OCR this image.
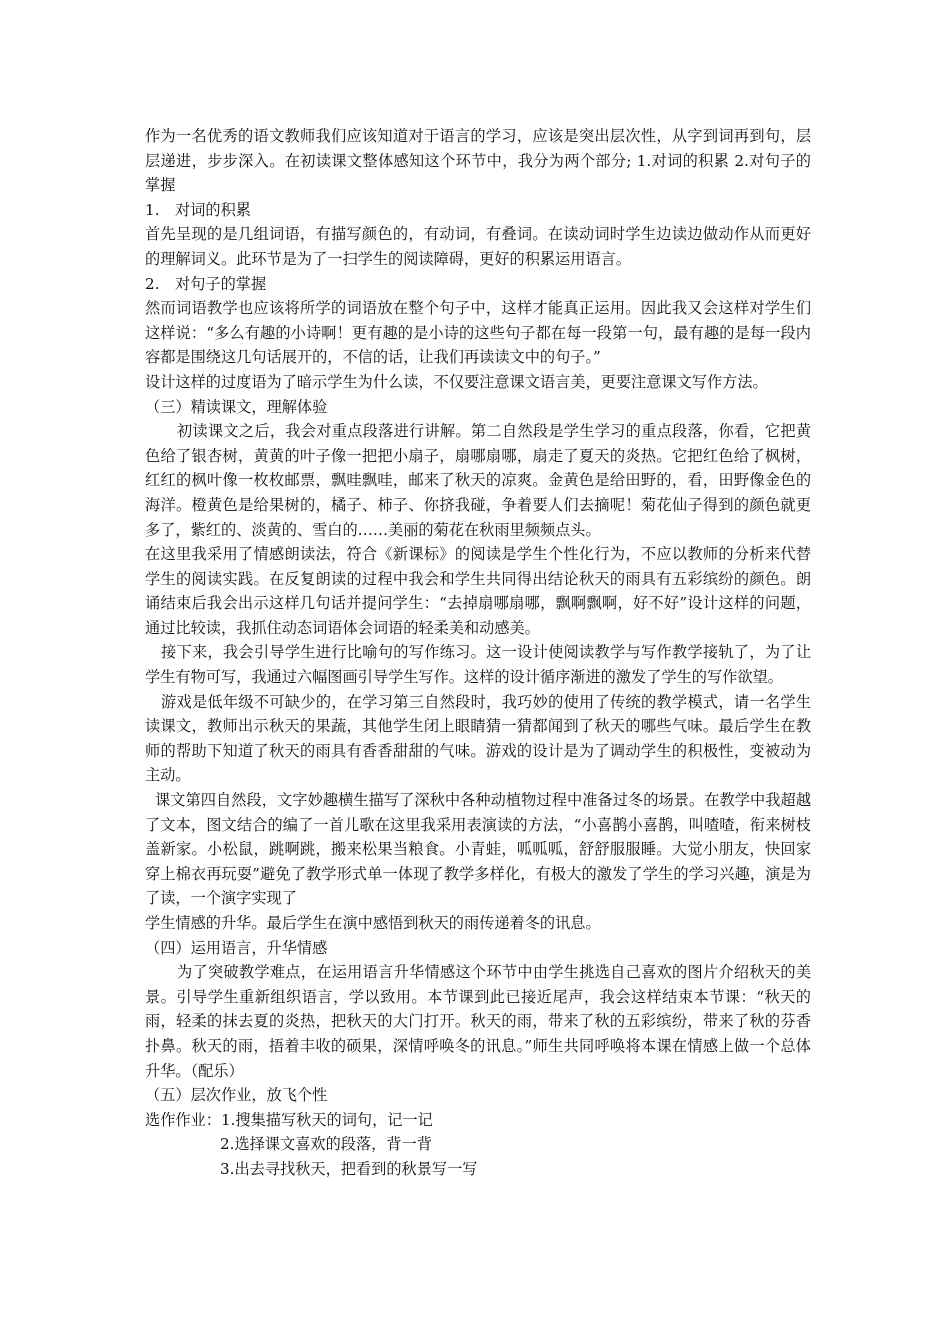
作为一名优秀的语文教师我们应该知道对于语言的学习，应该是突出层次性，从字到词再到句，层层递进，步步深入。在初读课文整体感知这个环节中，我分为两个部分; 1.对词的积累 2.对句子的掌握

1. 对词的积累

首先呈现的是几组词语，有描写颜色的，有动词，有叠词。在读动词时学生边读边做动作从而更好的理解词义。此环节是为了一扫学生的阅读障碍，更好的积累运用语言。

2. 对句子的掌握

然而词语教学也应该将所学的词语放在整个句子中，这样才能真正运用。因此我又会这样对学生们这样说：“多么有趣的小诗啊！更有趣的是小诗的这些句子都在每一段第一句，最有趣的是每一段内容都是围绕这几句话展开的，不信的话，让我们再读读文中的句子。”

设计这样的过度语为了暗示学生为什么读，不仅要注意课文语言美，更要注意课文写作方法。

（三）精读课文，理解体验

初读课文之后，我会对重点段落进行讲解。第二自然段是学生学习的重点段落，你看，它把黄色给了银杏树，黄黄的叶子像一把把小扇子，扇哪扇哪，扇走了夏天的炎热。它把红色给了枫树，红红的枫叶像一枚枚邮票，飘哇飘哇，邮来了秋天的凉爽。金黄色是给田野的，看，田野像金色的海洋。橙黄色是给果树的，橘子、柿子、你挤我碰，争着要人们去摘呢！菊花仙子得到的颜色就更多了，紫红的、淡黄的、雪白的……美丽的菊花在秋雨里频频点头。

在这里我采用了情感朗读法，符合《新课标》的阅读是学生个性化行为，不应以教师的分析来代替学生的阅读实践。在反复朗读的过程中我会和学生共同得出结论秋天的雨具有五彩缤纷的颜色。朗诵结束后我会出示这样几句话并提问学生：“去掉扇哪扇哪，飘啊飘啊，好不好”设计这样的问题，通过比较读，我抓住动态词语体会词语的轻柔美和动感美。

接下来，我会引导学生进行比喻句的写作练习。这一设计使阅读教学与写作教学接轨了，为了让学生有物可写，我通过六幅图画引导学生写作。这样的设计循序渐进的激发了学生的写作欲望。

游戏是低年级不可缺少的，在学习第三自然段时，我巧妙的使用了传统的教学模式，请一名学生读课文，教师出示秋天的果蔬，其他学生闭上眼睛猜一猜都闻到了秋天的哪些气味。最后学生在教师的帮助下知道了秋天的雨具有香香甜甜的气味。游戏的设计是为了调动学生的积极性，变被动为主动。

课文第四自然段，文字妙趣横生描写了深秋中各种动植物过程中准备过冬的场景。在教学中我超越了文本，图文结合的编了一首儿歌在这里我采用表演读的方法，“小喜鹊小喜鹊，叫喳喳，衔来树枝盖新家。小松鼠，跳啊跳，搬来松果当粮食。小青蛙，呱呱呱，舒舒服服睡。大觉小朋友，快回家穿上棉衣再玩耍”避免了教学形式单一体现了教学多样化，有极大的激发了学生的学习兴趣，演是为了读，一个演字实现了

学生情感的升华。最后学生在演中感悟到秋天的雨传递着冬的讯息。

（四）运用语言，升华情感

为了突破教学难点，在运用语言升华情感这个环节中由学生挑选自己喜欢的图片介绍秋天的美景。引导学生重新组织语言，学以致用。本节课到此已接近尾声，我会这样结束本节课：“秋天的雨，轻柔的抹去夏的炎热，把秋天的大门打开。秋天的雨，带来了秋的五彩缤纷，带来了秋的芬香扑鼻。秋天的雨，捂着丰收的硕果，深情呼唤冬的讯息。”师生共同呼唤将本课在情感上做一个总体升华。（配乐）

（五）层次作业，放飞个性

选作作业：1.搜集描写秋天的词句，记一记

2.选择课文喜欢的段落，背一背

3.出去寻找秋天，把看到的秋景写一写
